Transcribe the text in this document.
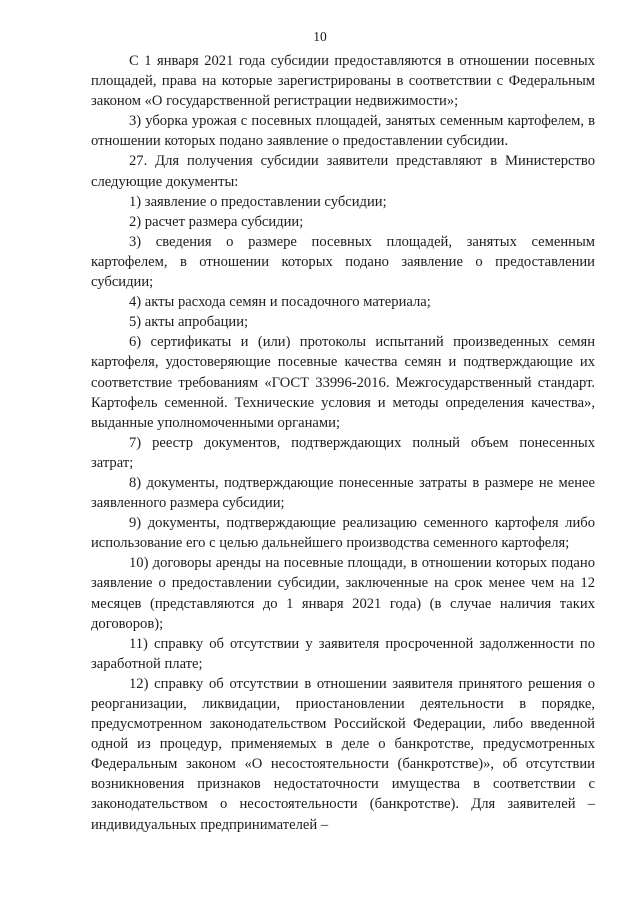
10

С 1 января 2021 года субсидии предоставляются в отношении посевных площадей, права на которые зарегистрированы в соответствии с Федеральным законом «О государственной регистрации недвижимости»;

3) уборка урожая с посевных площадей, занятых семенным картофелем, в отношении которых подано заявление о предоставлении субсидии.

27. Для получения субсидии заявители представляют в Министерство следующие документы:

1) заявление о предоставлении субсидии;

2) расчет размера субсидии;

3) сведения о размере посевных площадей, занятых семенным картофелем, в отношении которых подано заявление о предоставлении субсидии;

4) акты расхода семян и посадочного материала;

5) акты апробации;

6) сертификаты и (или) протоколы испытаний произведенных семян картофеля, удостоверяющие посевные качества семян и подтверждающие их соответствие требованиям «ГОСТ 33996-2016. Межгосударственный стандарт. Картофель семенной. Технические условия и методы определения качества», выданные уполномоченными органами;

7) реестр документов, подтверждающих полный объем понесенных затрат;

8) документы, подтверждающие понесенные затраты в размере не менее заявленного размера субсидии;

9) документы, подтверждающие реализацию семенного картофеля либо использование его с целью дальнейшего производства семенного картофеля;

10) договоры аренды на посевные площади, в отношении которых подано заявление о предоставлении субсидии, заключенные на срок менее чем на 12 месяцев (представляются до 1 января 2021 года) (в случае наличия таких договоров);

11) справку об отсутствии у заявителя просроченной задолженности по заработной плате;

12) справку об отсутствии в отношении заявителя принятого решения о реорганизации, ликвидации, приостановлении деятельности в порядке, предусмотренном законодательством Российской Федерации, либо введенной одной из процедур, применяемых в деле о банкротстве, предусмотренных Федеральным законом «О несостоятельности (банкротстве)», об отсутствии возникновения признаков недостаточности имущества в соответствии с законодательством о несостоятельности (банкротстве). Для заявителей – индивидуальных предпринимателей –
